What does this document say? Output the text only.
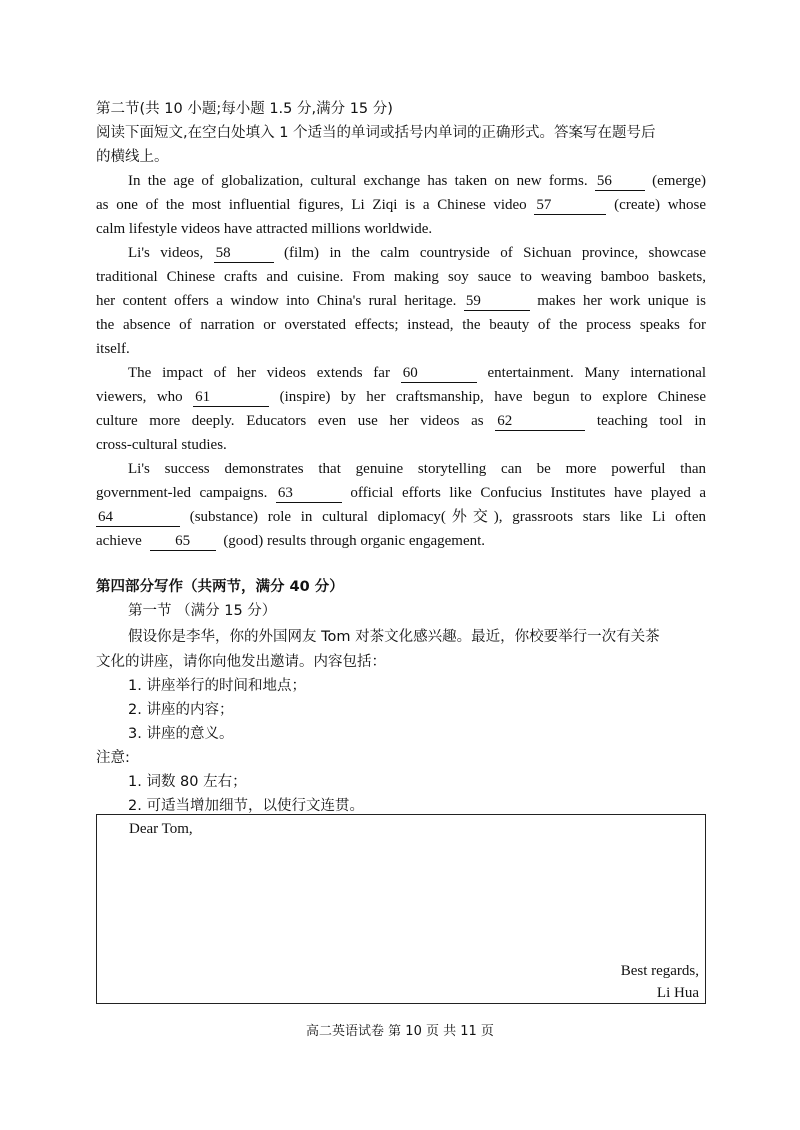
第二节(共 10 小题;每小题 1.5 分,满分 15 分)
阅读下面短文,在空白处填入 1 个适当的单词或括号内单词的正确形式。答案写在题号后
的横线上。
In the age of globalization, cultural exchange has taken on new forms. 56	(emerge)
as one of the most influential figures, Li Ziqi is a Chinese video 57	(create) whose
calm lifestyle videos have attracted millions worldwide.
Li's videos, 58	(film) in the calm countryside of Sichuan province, showcase
traditional Chinese crafts and cuisine. From making soy sauce to weaving bamboo baskets,
her content offers a window into China's rural heritage. 59	makes her work unique is
the absence of narration or overstated effects; instead, the beauty of the process speaks for
itself.
The impact of her videos extends far 60	entertainment. Many international
viewers, who 61	(inspire) by her craftsmanship, have begun to explore Chinese
culture more deeply. Educators even use her videos as 62	teaching tool in
cross-cultural studies.
Li's success demonstrates that genuine storytelling can be more powerful than
government-led campaigns. 63	official efforts like Confucius Institutes have played a
64	(substance) role in cultural diplomacy(外交), grassroots stars like Li often
achieve 65 (good) results through organic engagement.
第四部分写作（共两节，满分 40 分）
第一节 （满分 15 分）
假设你是李华，你的外国网友 Tom 对茶文化感兴趣。最近，你校要举行一次有关茶
文化的讲座，请你向他发出邀请。内容包括：
1. 讲座举行的时间和地点；
2. 讲座的内容；
3. 讲座的意义。
注意:
1. 词数 80 左右；
2. 可适当增加细节，以使行文连贯。
Dear Tom,
Best regards,
Li Hua
高二英语试卷 第 10 页 共 11 页
